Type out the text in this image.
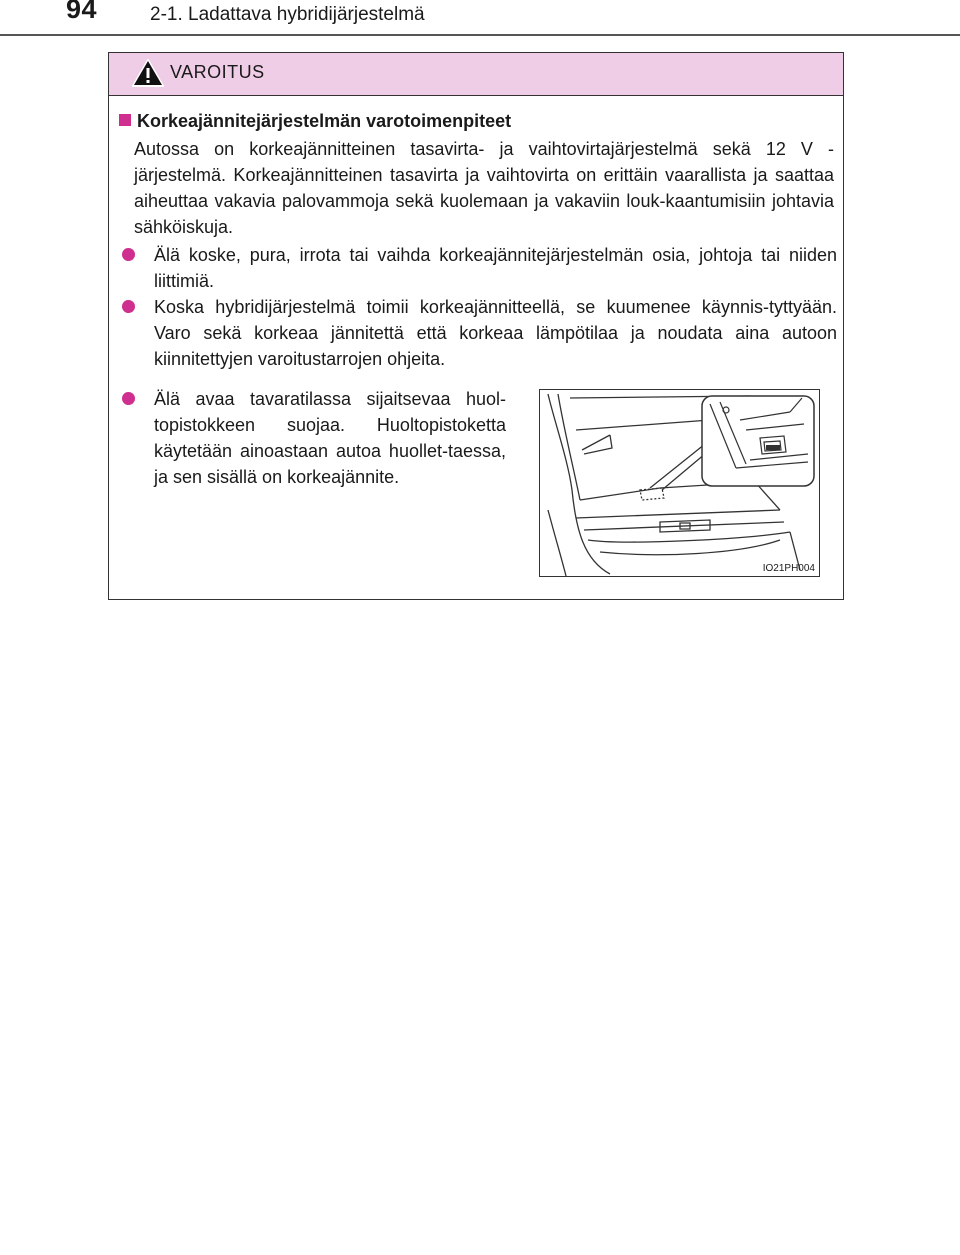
94	2-1. Ladattava hybridijärjestelmä
VAROITUS
Korkeajännitejärjestelmän varotoimenpiteet

Autossa on korkeajännitteinen tasavirta- ja vaihtovirtajärjestelmä sekä 12 V -järjestelmä. Korkeajännitteinen tasavirta ja vaihtovirta on erittäin vaarallista ja saattaa aiheuttaa vakavia palovammoja sekä kuolemaan ja vakaviin louk-kaantumisiin johtavia sähköiskuja.

Älä koske, pura, irrota tai vaihda korkeajännitejärjestelmän osia, johtoja tai niiden liittimiä.

Koska hybridijärjestelmä toimii korkeajännitteellä, se kuumenee käynnis-tyttyään. Varo sekä korkeaa jännitettä että korkeaa lämpötilaa ja noudata aina autoon kiinnitettyjen varoitustarrojen ohjeita.

Älä avaa tavaratilassa sijaitsevaa huol-topistokkeen suojaa. Huoltopistoketta käytetään ainoastaan autoa huollet-taessa, ja sen sisällä on korkeajännite.

IO21PH004
